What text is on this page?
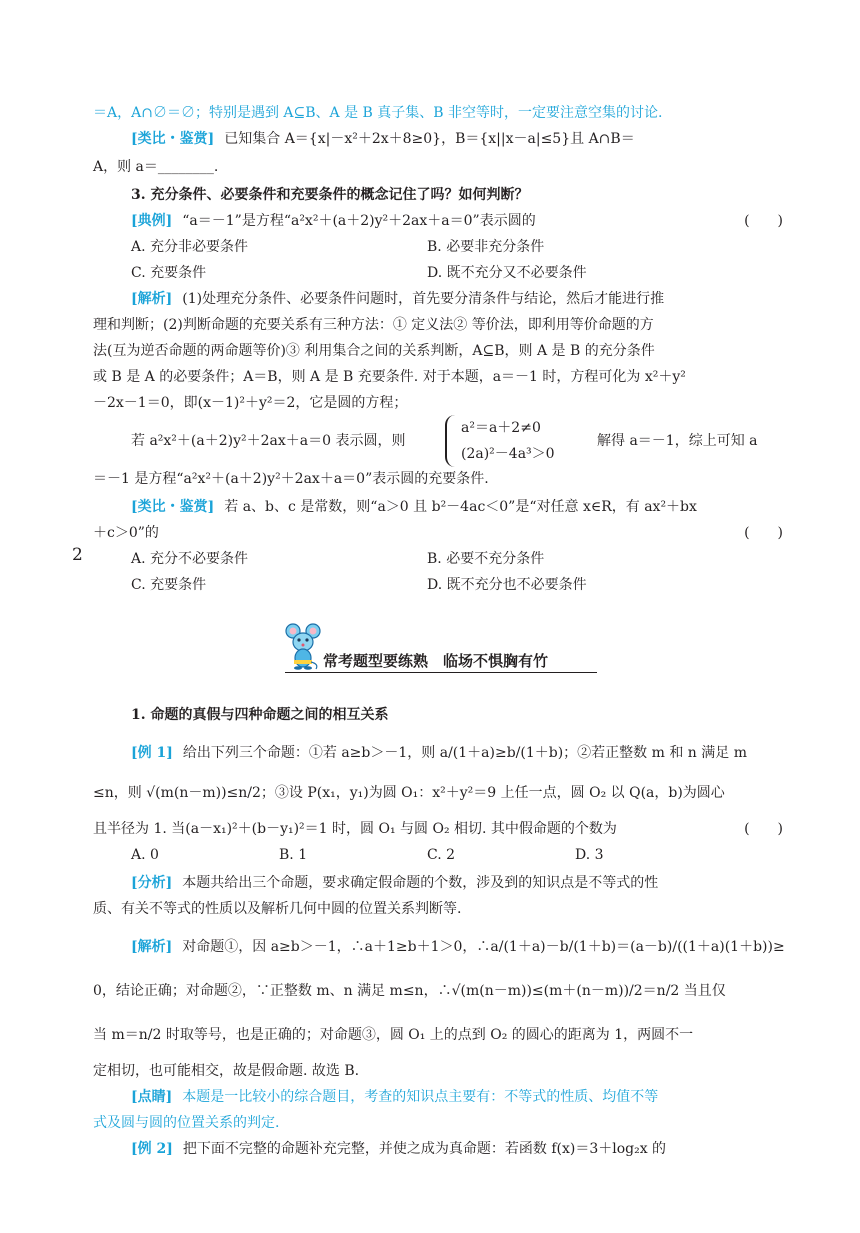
＝A，A∩∅＝∅；特别是遇到 A⊆B、A 是 B 真子集、B 非空等时，一定要注意空集的讨论.
[类比・鉴赏] 已知集合 A＝{x|－x²＋2x＋8≥0}，B＝{x||x－a|≤5}且 A∩B＝
A，则 a＝________.
3. 充分条件、必要条件和充要条件的概念记住了吗？如何判断？
[典例] “a＝－1”是方程“a²x²＋(a＋2)y²＋2ax＋a＝0”表示圆的	(　　)
A. 充分非必要条件	B. 必要非充分条件
C. 充要条件	D. 既不充分又不必要条件
[解析] (1)处理充分条件、必要条件问题时，首先要分清条件与结论，然后才能进行推
理和判断；(2)判断命题的充要关系有三种方法：① 定义法② 等价法，即利用等价命题的方
法(互为逆否命题的两命题等价)③ 利用集合之间的关系判断，A⊆B，则 A 是 B 的充分条件
或 B 是 A 的必要条件；A＝B，则 A 是 B 充要条件. 对于本题，a＝－1 时，方程可化为 x²＋y²
－2x－1＝0，即(x－1)²＋y²＝2，它是圆的方程；
若 a²x²＋(a＋2)y²＋2ax＋a＝0 表示圆，则
a²＝a＋2≠0
(2a)²－4a³＞0
解得 a＝－1，综上可知 a
＝－1 是方程“a²x²＋(a＋2)y²＋2ax＋a＝0”表示圆的充要条件.
[类比・鉴赏] 若 a、b、c 是常数，则“a＞0 且 b²－4ac＜0”是“对任意 x∈R，有 ax²＋bx
＋c＞0”的	(　　)
2	A. 充分不必要条件	B. 必要不充分条件
C. 充要条件	D. 既不充分也不必要条件
常考题型要练熟　临场不惧胸有竹
1. 命题的真假与四种命题之间的相互关系
[例 1] 给出下列三个命题：①若 a≥b＞－1，则 a/(1＋a)≥b/(1＋b)；②若正整数 m 和 n 满足 m
≤n，则 √(m(n－m))≤n/2；③设 P(x₁，y₁)为圆 O₁：x²＋y²＝9 上任一点，圆 O₂ 以 Q(a，b)为圆心
且半径为 1. 当(a－x₁)²＋(b－y₁)²＝1 时，圆 O₁ 与圆 O₂ 相切. 其中假命题的个数为	(　　)
A. 0	B. 1	C. 2	D. 3
[分析] 本题共给出三个命题，要求确定假命题的个数，涉及到的知识点是不等式的性
质、有关不等式的性质以及解析几何中圆的位置关系判断等.
[解析] 对命题①，因 a≥b＞－1，∴a＋1≥b＋1＞0，∴a/(1＋a)－b/(1＋b)＝(a－b)/((1＋a)(1＋b))≥
0，结论正确；对命题②，∵正整数 m、n 满足 m≤n，∴√(m(n－m))≤(m＋(n－m))/2＝n/2 当且仅
当 m＝n/2 时取等号，也是正确的；对命题③，圆 O₁ 上的点到 O₂ 的圆心的距离为 1，两圆不一
定相切，也可能相交，故是假命题. 故选 B.
[点睛] 本题是一比较小的综合题目，考查的知识点主要有：不等式的性质、均值不等
式及圆与圆的位置关系的判定.
[例 2] 把下面不完整的命题补充完整，并使之成为真命题：若函数 f(x)＝3＋log₂x 的
